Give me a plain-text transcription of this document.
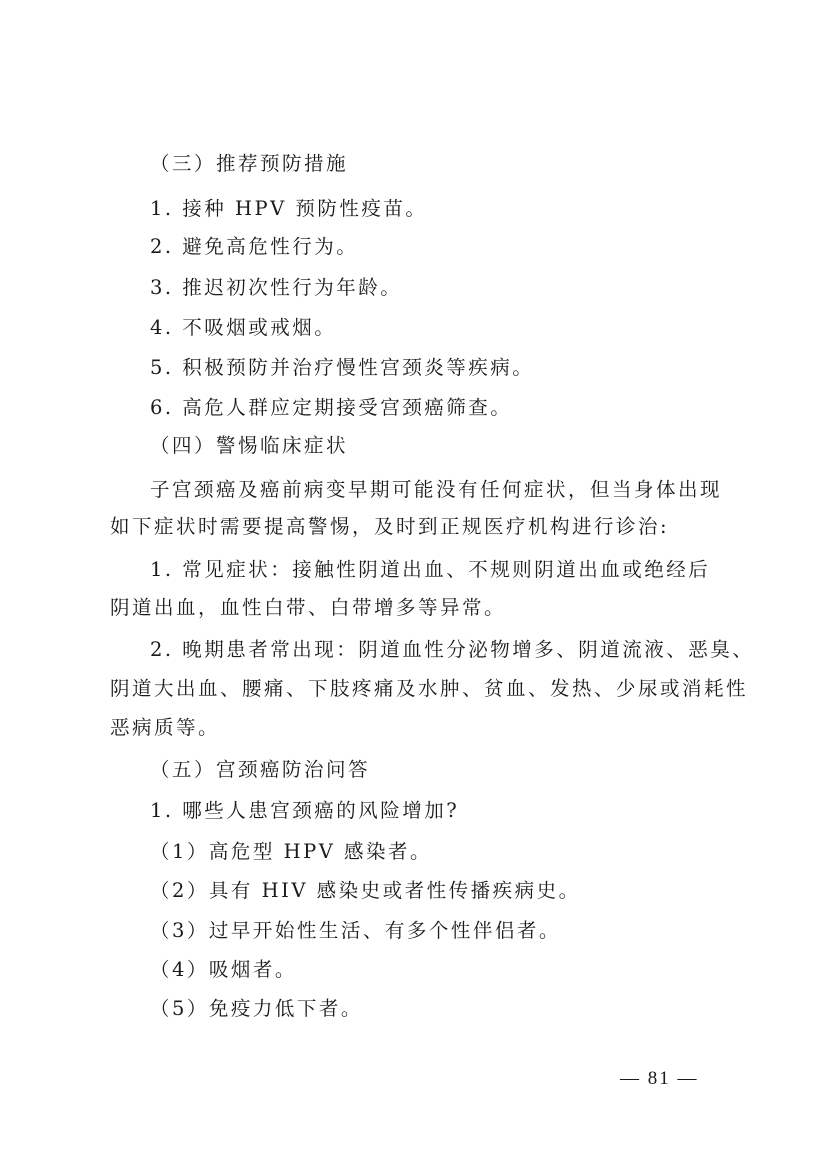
（三）推荐预防措施
1. 接种 HPV 预防性疫苗。
2. 避免高危性行为。
3. 推迟初次性行为年龄。
4. 不吸烟或戒烟。
5. 积极预防并治疗慢性宫颈炎等疾病。
6. 高危人群应定期接受宫颈癌筛查。
（四）警惕临床症状
子宫颈癌及癌前病变早期可能没有任何症状，但当身体出现
如下症状时需要提高警惕，及时到正规医疗机构进行诊治:
1. 常见症状：接触性阴道出血、不规则阴道出血或绝经后
阴道出血，血性白带、白带增多等异常。
2. 晚期患者常出现：阴道血性分泌物增多、阴道流液、恶臭、
阴道大出血、腰痛、下肢疼痛及水肿、贫血、发热、少尿或消耗性
恶病质等。
（五）宫颈癌防治问答
1. 哪些人患宫颈癌的风险增加?
（1）高危型 HPV 感染者。
（2）具有 HIV 感染史或者性传播疾病史。
（3）过早开始性生活、有多个性伴侣者。
（4）吸烟者。
（5）免疫力低下者。
— 81 —
